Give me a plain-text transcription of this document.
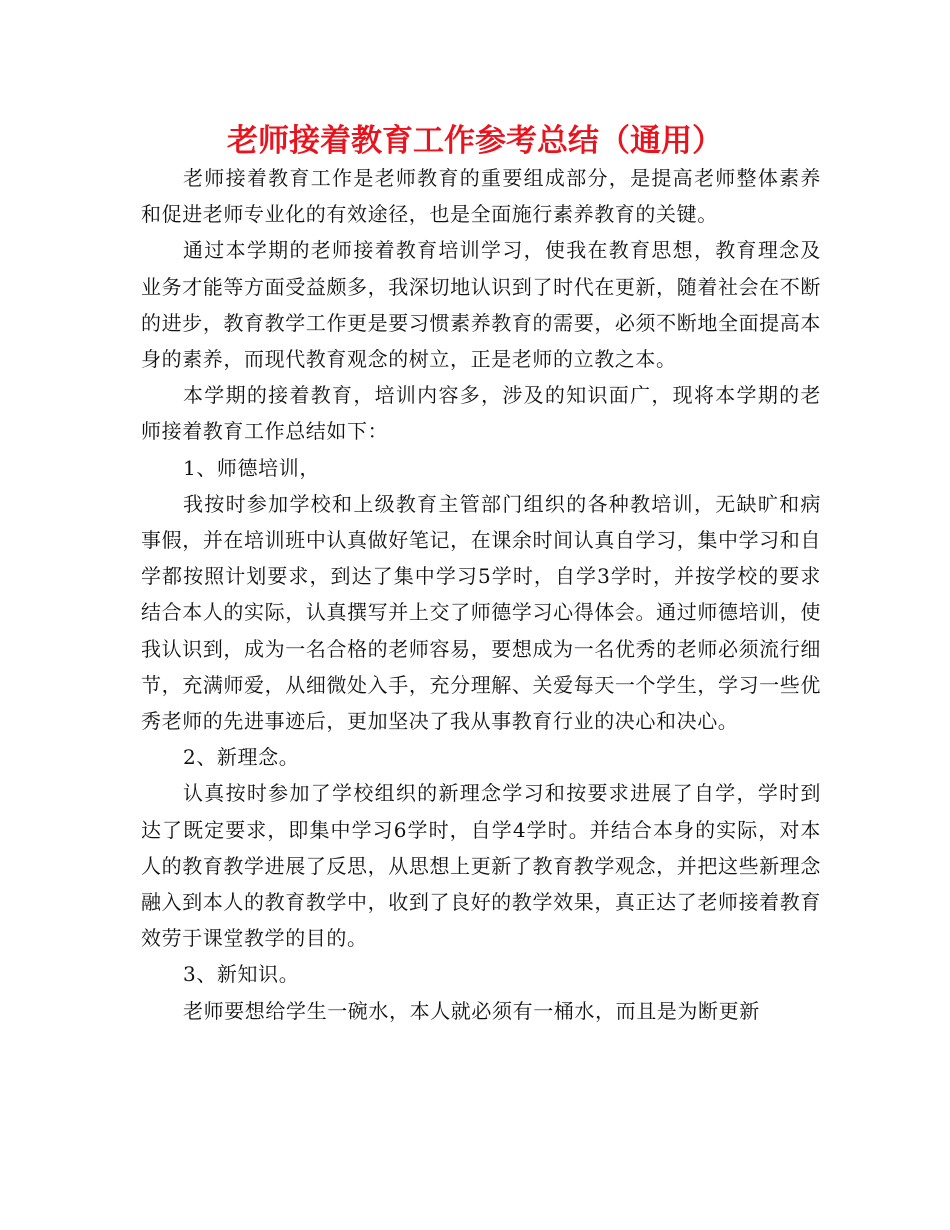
老师接着教育工作参考总结（通用）

老师接着教育工作是老师教育的重要组成部分，是提高老师整体素养和促进老师专业化的有效途径，也是全面施行素养教育的关键。

通过本学期的老师接着教育培训学习，使我在教育思想，教育理念及业务才能等方面受益颇多，我深切地认识到了时代在更新，随着社会在不断的进步，教育教学工作更是要习惯素养教育的需要，必须不断地全面提高本身的素养，而现代教育观念的树立，正是老师的立教之本。

本学期的接着教育，培训内容多，涉及的知识面广，现将本学期的老师接着教育工作总结如下：

1、师德培训，

我按时参加学校和上级教育主管部门组织的各种教培训，无缺旷和病事假，并在培训班中认真做好笔记，在课余时间认真自学习，集中学习和自学都按照计划要求，到达了集中学习5学时，自学3学时，并按学校的要求结合本人的实际，认真撰写并上交了师德学习心得体会。通过师德培训，使我认识到，成为一名合格的老师容易，要想成为一名优秀的老师必须流行细节，充满师爱，从细微处入手，充分理解、关爱每天一个学生，学习一些优秀老师的先进事迹后，更加坚决了我从事教育行业的决心和决心。

2、新理念。

认真按时参加了学校组织的新理念学习和按要求进展了自学，学时到达了既定要求，即集中学习6学时，自学4学时。并结合本身的实际，对本人的教育教学进展了反思，从思想上更新了教育教学观念，并把这些新理念融入到本人的教育教学中，收到了良好的教学效果，真正达了老师接着教育效劳于课堂教学的目的。

3、新知识。

老师要想给学生一碗水，本人就必须有一桶水，而且是为断更新
